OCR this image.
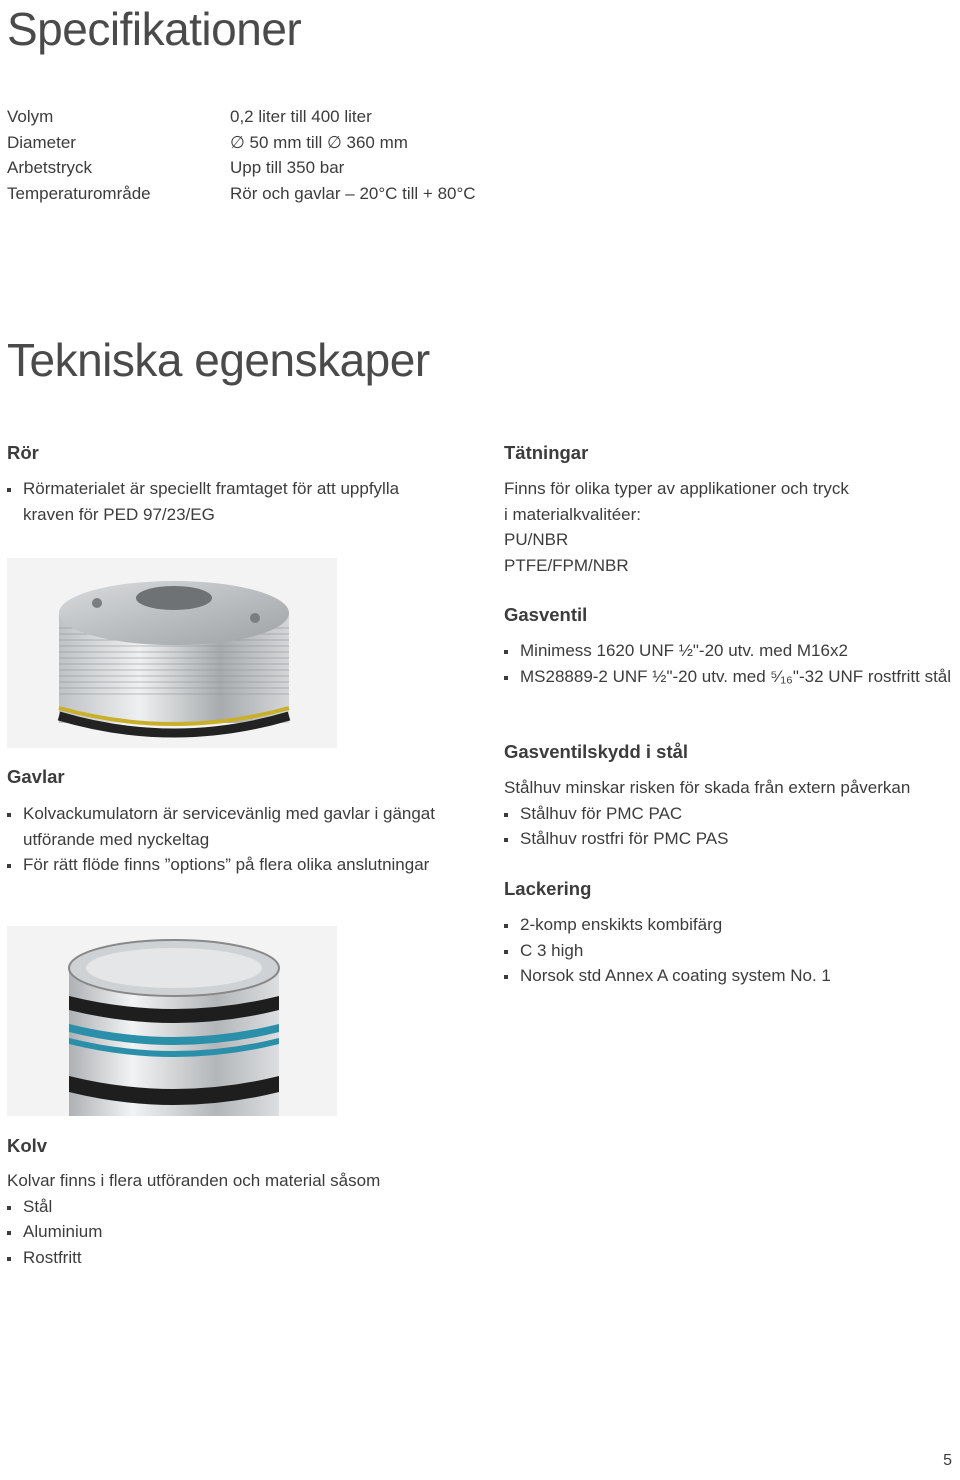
Specifikationer
Volym	0,2 liter till 400 liter
Diameter	∅ 50 mm till ∅ 360 mm
Arbetstryck	Upp till 350 bar
Temperaturområde	Rör och gavlar – 20°C till + 80°C
Tekniska egenskaper
Rör
Rörmaterialet är speciellt framtaget för att uppfylla kraven för PED 97/23/EG
Gavlar
Kolvackumulatorn är servicevänlig med gavlar i gängat utförande med nyckeltag
För rätt flöde finns ”options” på flera olika anslutningar
Kolv

Kolvar finns i flera utföranden och material såsom

Stål
Aluminium
Rostfritt
Tätningar

Finns för olika typer av applikationer och tryck

i materialkvalitéer:

PU/NBR

PTFE/FPM/NBR

Gasventil
Minimess 1620 UNF ½"-20 utv. med M16x2
MS28889-2 UNF ½"-20 utv. med ⁵⁄₁₆"-32 UNF rostfritt stål
Gasventilskydd i stål

Stålhuv minskar risken för skada från extern påverkan

Stålhuv för PMC PAC
Stålhuv rostfri för PMC PAS
Lackering
2-komp enskikts kombifärg
C 3 high
Norsok std Annex A coating system No. 1
5
